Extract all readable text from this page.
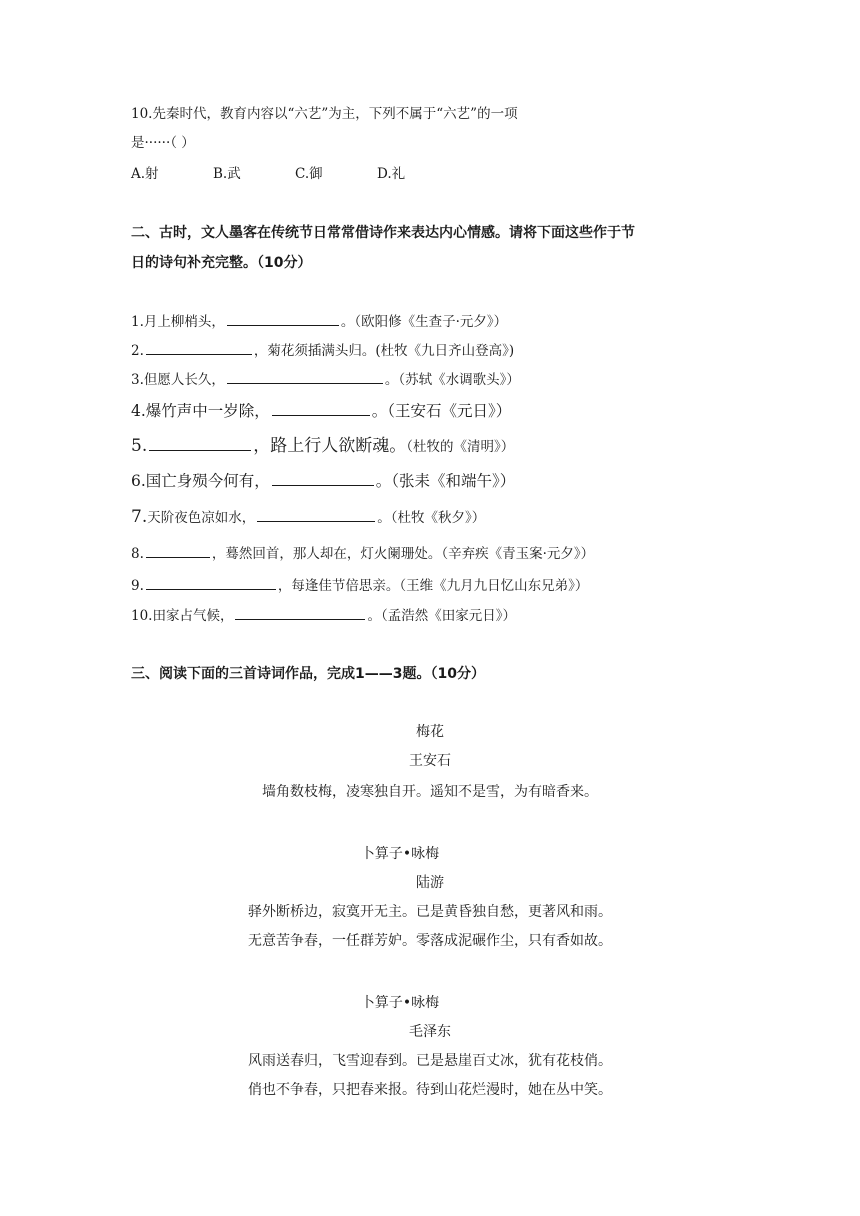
10.先秦时代，教育内容以“六艺”为主，下列不属于“六艺”的一项
是······（ ）
A.射	B.武	C.御	D.礼
二、古时，文人墨客在传统节日常常借诗作来表达内心情感。请将下面这些作于节
日的诗句补充完整。（10分）
1.月上柳梢头，	。（欧阳修《生查子·元夕》）
2.	，菊花须插满头归。(杜牧《九日齐山登高》)
3.但愿人长久，	。（苏轼《水调歌头》）
4.爆竹声中一岁除，	。（王安石《元日》）
5.	，路上行人欲断魂。（杜牧的《清明》）
6.国亡身殒今何有，	。（张耒《和端午》）
7.天阶夜色凉如水，	。（杜牧《秋夕》）
8.	，蓦然回首，那人却在，灯火阑珊处。（辛弃疾《青玉案·元夕》）
9.	，每逢佳节倍思亲。（王维《九月九日忆山东兄弟》）
10.田家占气候，	。（孟浩然《田家元日》）
三、阅读下面的三首诗词作品，完成1——3题。（10分）
梅花
王安石
墙角数枝梅，凌寒独自开。遥知不是雪，为有暗香来。
卜算子•咏梅
陆游
驿外断桥边，寂寞开无主。已是黄昏独自愁，更著风和雨。
无意苦争春，一任群芳妒。零落成泥碾作尘，只有香如故。
卜算子•咏梅
毛泽东
风雨送春归，飞雪迎春到。已是悬崖百丈冰，犹有花枝俏。
俏也不争春，只把春来报。待到山花烂漫时，她在丛中笑。
